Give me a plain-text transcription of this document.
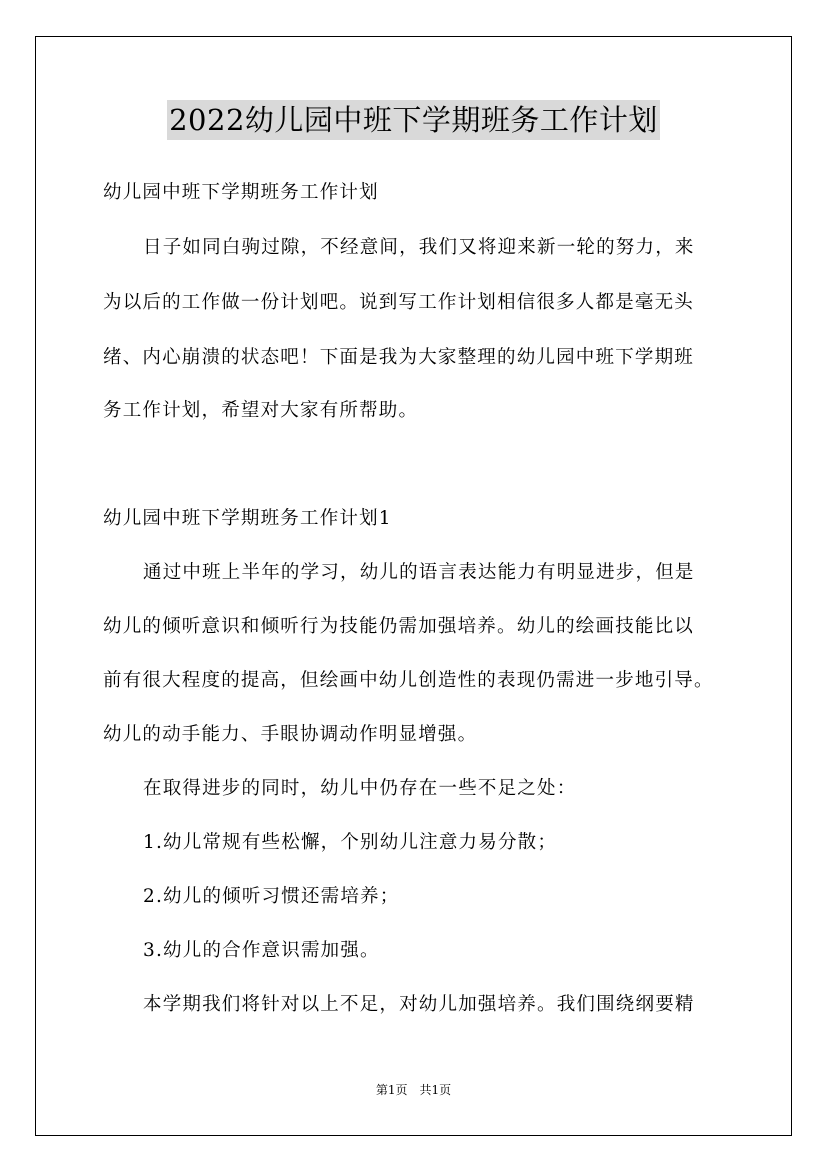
2022幼儿园中班下学期班务工作计划
幼儿园中班下学期班务工作计划
日子如同白驹过隙，不经意间，我们又将迎来新一轮的努力，来
为以后的工作做一份计划吧。说到写工作计划相信很多人都是毫无头
绪、内心崩溃的状态吧！下面是我为大家整理的幼儿园中班下学期班
务工作计划，希望对大家有所帮助。
幼儿园中班下学期班务工作计划1
通过中班上半年的学习，幼儿的语言表达能力有明显进步，但是
幼儿的倾听意识和倾听行为技能仍需加强培养。幼儿的绘画技能比以
前有很大程度的提高，但绘画中幼儿创造性的表现仍需进一步地引导。
幼儿的动手能力、手眼协调动作明显增强。
在取得进步的同时，幼儿中仍存在一些不足之处：
1.幼儿常规有些松懈，个别幼儿注意力易分散；
2.幼儿的倾听习惯还需培养；
3.幼儿的合作意识需加强。
本学期我们将针对以上不足，对幼儿加强培养。我们围绕纲要精
第1页　共1页
